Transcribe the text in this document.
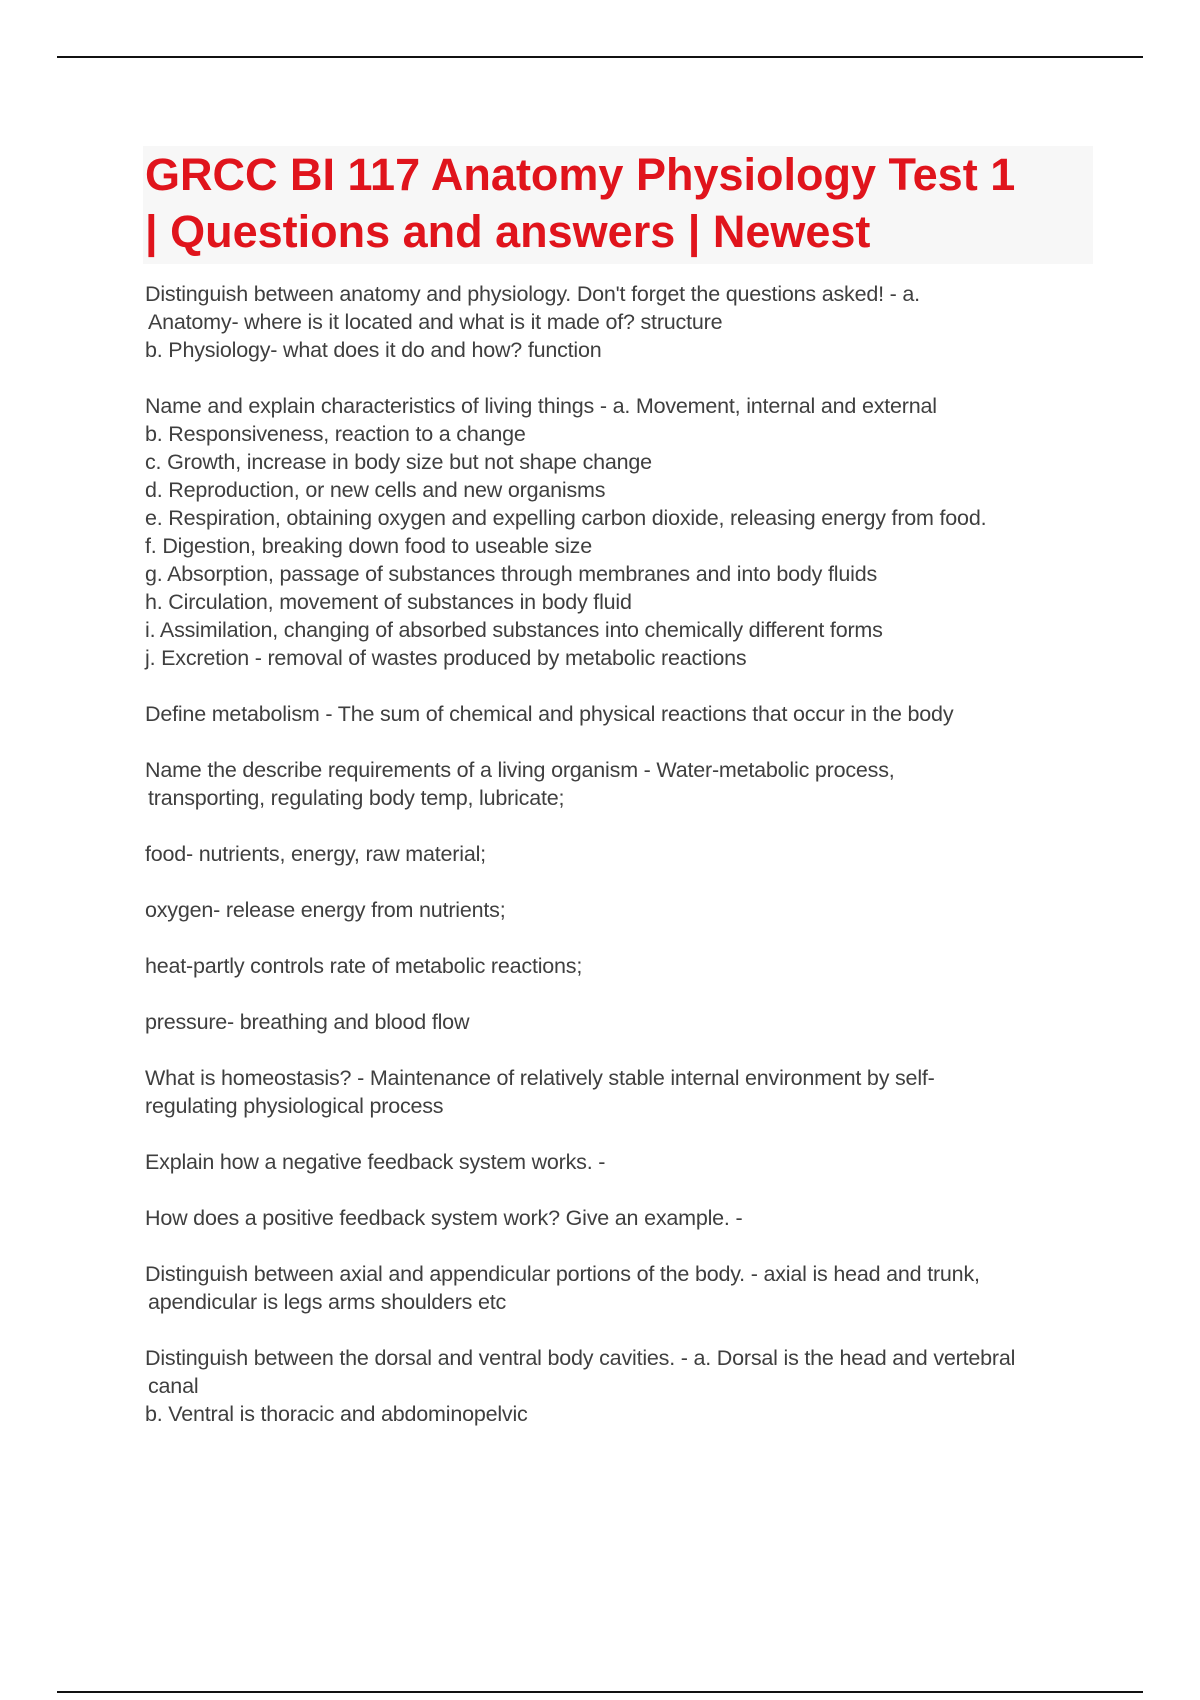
GRCC BI 117 Anatomy Physiology Test 1
| Questions and answers | Newest
Distinguish between anatomy and physiology. Don't forget the questions asked! - a.
Anatomy- where is it located and what is it made of? structure
b. Physiology- what does it do and how? function
Name and explain characteristics of living things - a. Movement, internal and external
b. Responsiveness, reaction to a change
c. Growth, increase in body size but not shape change
d. Reproduction, or new cells and new organisms
e. Respiration, obtaining oxygen and expelling carbon dioxide, releasing energy from food.
f. Digestion, breaking down food to useable size
g. Absorption, passage of substances through membranes and into body fluids
h. Circulation, movement of substances in body fluid
i. Assimilation, changing of absorbed substances into chemically different forms
j. Excretion - removal of wastes produced by metabolic reactions
Define metabolism - The sum of chemical and physical reactions that occur in the body
Name the describe requirements of a living organism - Water-metabolic process,
transporting, regulating body temp, lubricate;
food- nutrients, energy, raw material;
oxygen- release energy from nutrients;
heat-partly controls rate of metabolic reactions;
pressure- breathing and blood flow
What is homeostasis? - Maintenance of relatively stable internal environment by self-
regulating physiological process
Explain how a negative feedback system works. -
How does a positive feedback system work? Give an example. -
Distinguish between axial and appendicular portions of the body. - axial is head and trunk,
apendicular is legs arms shoulders etc
Distinguish between the dorsal and ventral body cavities. - a. Dorsal is the head and vertebral
canal
b. Ventral is thoracic and abdominopelvic
